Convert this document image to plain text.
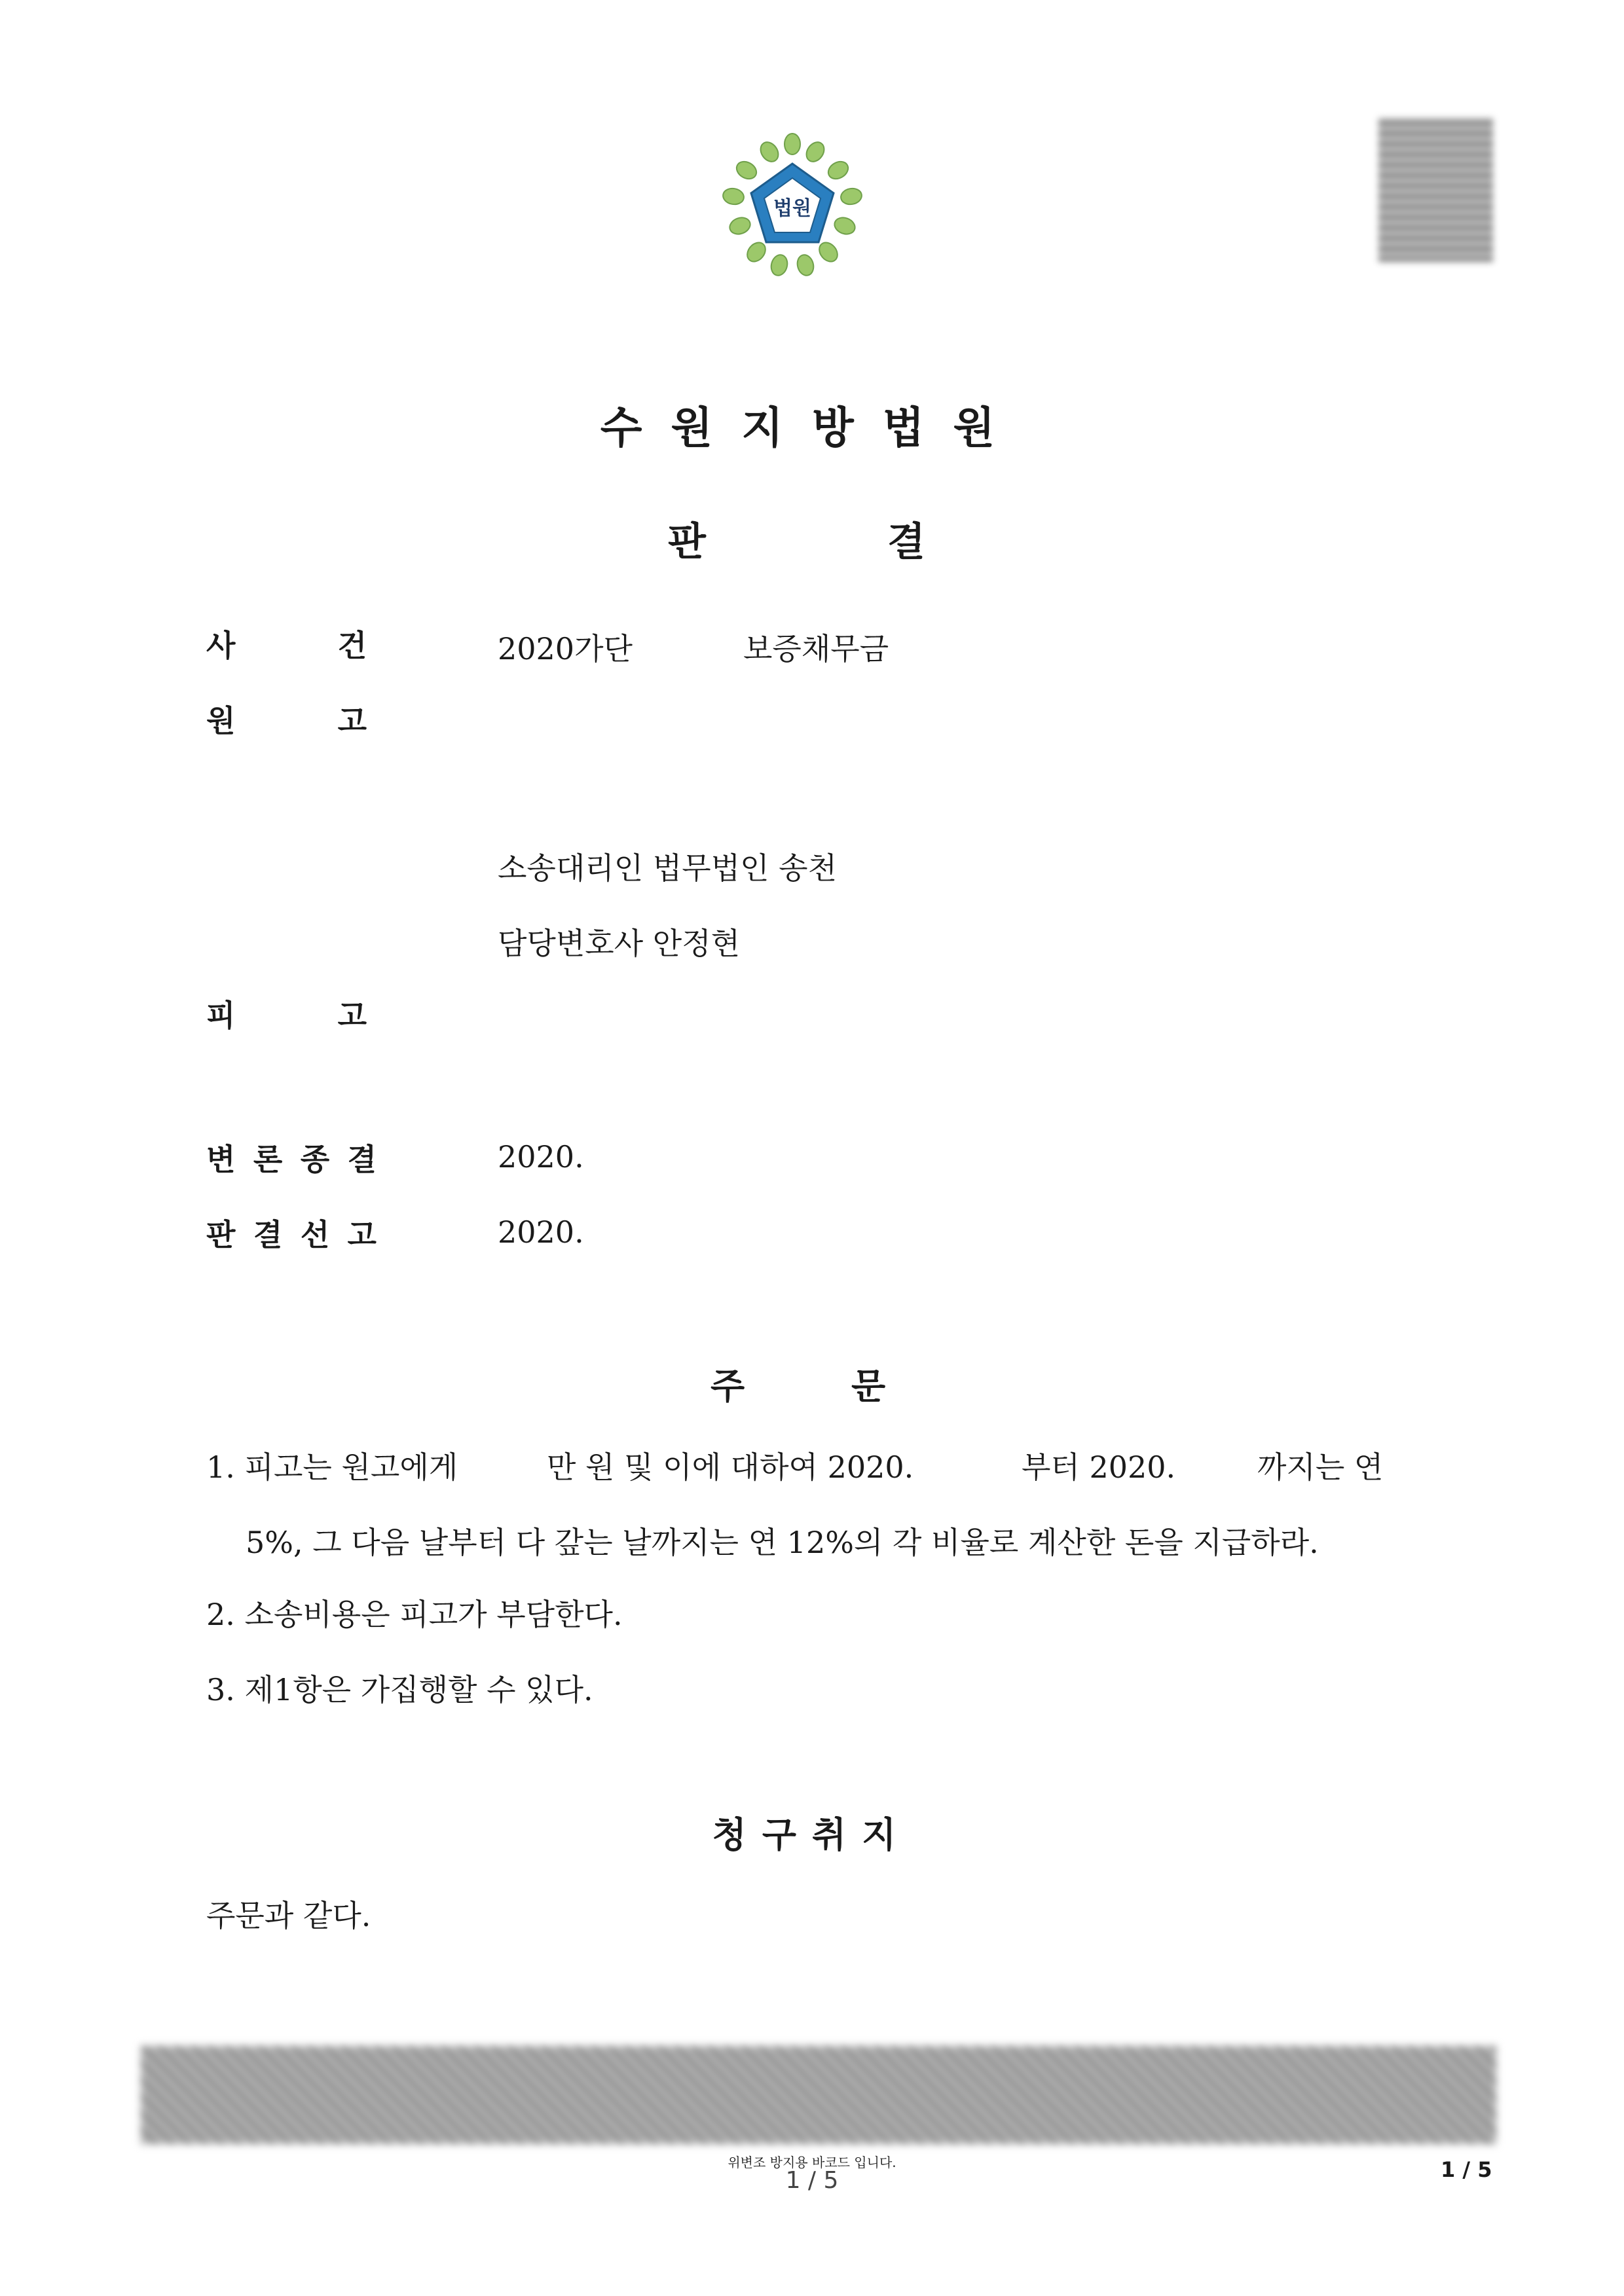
법원
수원지방법원
판	결
사	건	2020가단	보증채무금
원	고
소송대리인 법무법인 송천
담당변호사 안정현
피	고
변 론 종 결	2020.
판 결 선 고	2020.
주	문
1. 피고는 원고에게	만 원 및 이에 대하여 2020.	부터 2020.	까지는 연
5%, 그 다음 날부터 다 갚는 날까지는 연 12%의 각 비율로 계산한 돈을 지급하라.
2. 소송비용은 피고가 부담한다.
3. 제1항은 가집행할 수 있다.
청구취지
주문과 같다.
위변조 방지용 바코드 입니다.
1 / 5	1 / 5
